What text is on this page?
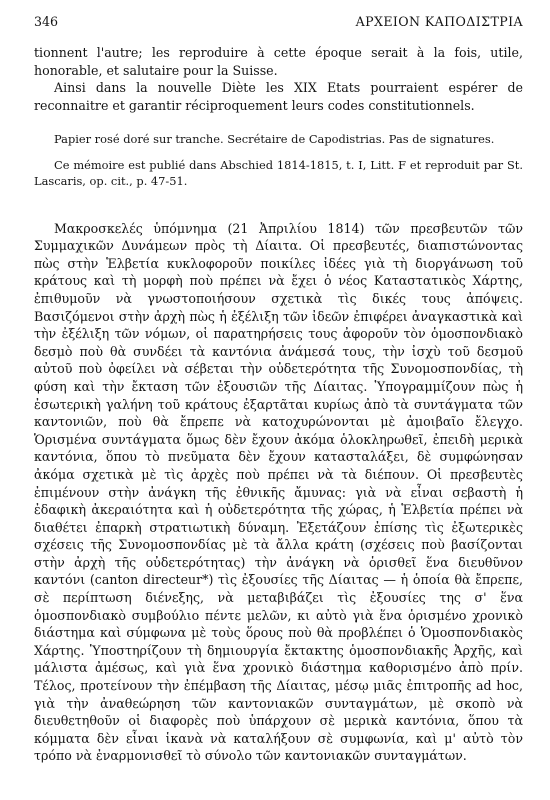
346	ΑΡΧΕΙΟΝ ΚΑΠΟΔΙΣΤΡΙΑ

tionnent l'autre; les reproduire à cette époque serait à la fois, utile, honorable, et salutaire pour la Suisse.

Ainsi dans la nouvelle Diète les XIX Etats pourraient espérer de reconnaitre et garantir réciproquement leurs codes constitutionnels.

Papier rosé doré sur tranche. Secrétaire de Capodistrias. Pas de signatures.

Ce mémoire est publié dans Abschied 1814-1815, t. I, Litt. F et reproduit par St. Lascaris, op. cit., p. 47-51.

Μακροσκελές ὑπόμνημα (21 Ἀπριλίου 1814) τῶν πρεσβευτῶν τῶν Συμμαχικῶν Δυνάμεων πρὸς τὴ Δίαιτα. Οἱ πρεσβευτές, διαπιστώνοντας πὼς στὴν Ἑλβετία κυκλοφοροῦν ποικίλες ἰδέες γιὰ τὴ διοργάνωση τοῦ κράτους καὶ τὴ μορφὴ ποὺ πρέπει νὰ ἔχει ὁ νέος Καταστατικὸς Χάρτης, ἐπιθυμοῦν νὰ γνωστοποιήσουν σχετικὰ τὶς δικές τους ἀπόψεις. Βασιζόμενοι στὴν ἀρχὴ πὼς ἡ ἐξέλιξη τῶν ἰδεῶν ἐπιφέρει ἀναγκαστικὰ καὶ τὴν ἐξέλιξη τῶν νόμων, οἱ παρατηρήσεις τους ἀφοροῦν τὸν ὁμοσπονδιακὸ δεσμὸ ποὺ θὰ συνδέει τὰ καντόνια ἀνάμεσά τους, τὴν ἰσχὺ τοῦ δεσμοῦ αὐτοῦ ποὺ ὀφείλει νὰ σέβεται τὴν οὐδετερότητα τῆς Συνομοσπονδίας, τὴ φύση καὶ τὴν ἔκταση τῶν ἐξουσιῶν τῆς Δίαιτας. Ὑπογραμμίζουν πὼς ἡ ἐσωτερικὴ γαλήνη τοῦ κράτους ἐξαρτᾶται κυρίως ἀπὸ τὰ συντάγματα τῶν καντονιῶν, ποὺ θὰ ἔπρεπε νὰ κατοχυρώνονται μὲ ἀμοιβαῖο ἔλεγχο. Ὁρισμένα συντάγματα ὅμως δὲν ἔχουν ἀκόμα ὁλοκληρωθεῖ, ἐπειδὴ μερικὰ καντόνια, ὅπου τὸ πνεῦματα δὲν ἔχουν κατασταλάξει, δὲ συμφώνησαν ἀκόμα σχετικὰ μὲ τὶς ἀρχὲς ποὺ πρέπει νὰ τὰ διέπουν. Οἱ πρεσβευτὲς ἐπιμένουν στὴν ἀνάγκη τῆς ἐθνικῆς ἄμυνας: γιὰ νὰ εἶναι σεβαστὴ ἡ ἐδαφικὴ ἀκεραιότητα καὶ ἡ οὐδετερότητα τῆς χώρας, ἡ Ἑλβετία πρέπει νὰ διαθέτει ἐπαρκὴ στρατιωτικὴ δύναμη. Ἐξετάζουν ἐπίσης τὶς ἐξωτερικὲς σχέσεις τῆς Συνομοσπονδίας μὲ τὰ ἄλλα κράτη (σχέσεις ποὺ βασίζονται στὴν ἀρχὴ τῆς οὐδετερότητας) τὴν ἀνάγκη νὰ ὁρισθεῖ ἕνα διευθῦνον καντόνι (canton directeur*) τὶς ἐξουσίες τῆς Δίαιτας — ἡ ὁποία θὰ ἔπρεπε, σὲ περίπτωση διένεξης, νὰ μεταβιβάζει τὶς ἐξουσίες της σ' ἕνα ὁμοσπονδιακὸ συμβούλιο πέντε μελῶν, κι αὐτὸ γιὰ ἕνα ὁρισμένο χρονικὸ διάστημα καὶ σύμφωνα μὲ τοὺς ὅρους ποὺ θὰ προβλέπει ὁ Ὁμοσπονδιακὸς Χάρτης. Ὑποστηρίζουν τὴ δημιουργία ἔκτακτης ὁμοσπονδιακῆς Ἀρχῆς, καὶ μάλιστα ἀμέσως, καὶ γιὰ ἕνα χρονικὸ διάστημα καθορισμένο ἀπὸ πρίν. Τέλος, προτείνουν τὴν ἐπέμβαση τῆς Δίαιτας, μέσῳ μιᾶς ἐπιτροπῆς ad hoc, γιὰ τὴν ἀναθεώρηση τῶν καντονιακῶν συνταγμάτων, μὲ σκοπὸ νὰ διευθετηθοῦν οἱ διαφορὲς ποὺ ὑπάρχουν σὲ μερικὰ καντόνια, ὅπου τὰ κόμματα δὲν εἶναι ἱκανὰ νὰ καταλήξουν σὲ συμφωνία, καὶ μ' αὐτὸ τὸν τρόπο νὰ ἐναρμονισθεῖ τὸ σύνολο τῶν καντονιακῶν συνταγμάτων.
